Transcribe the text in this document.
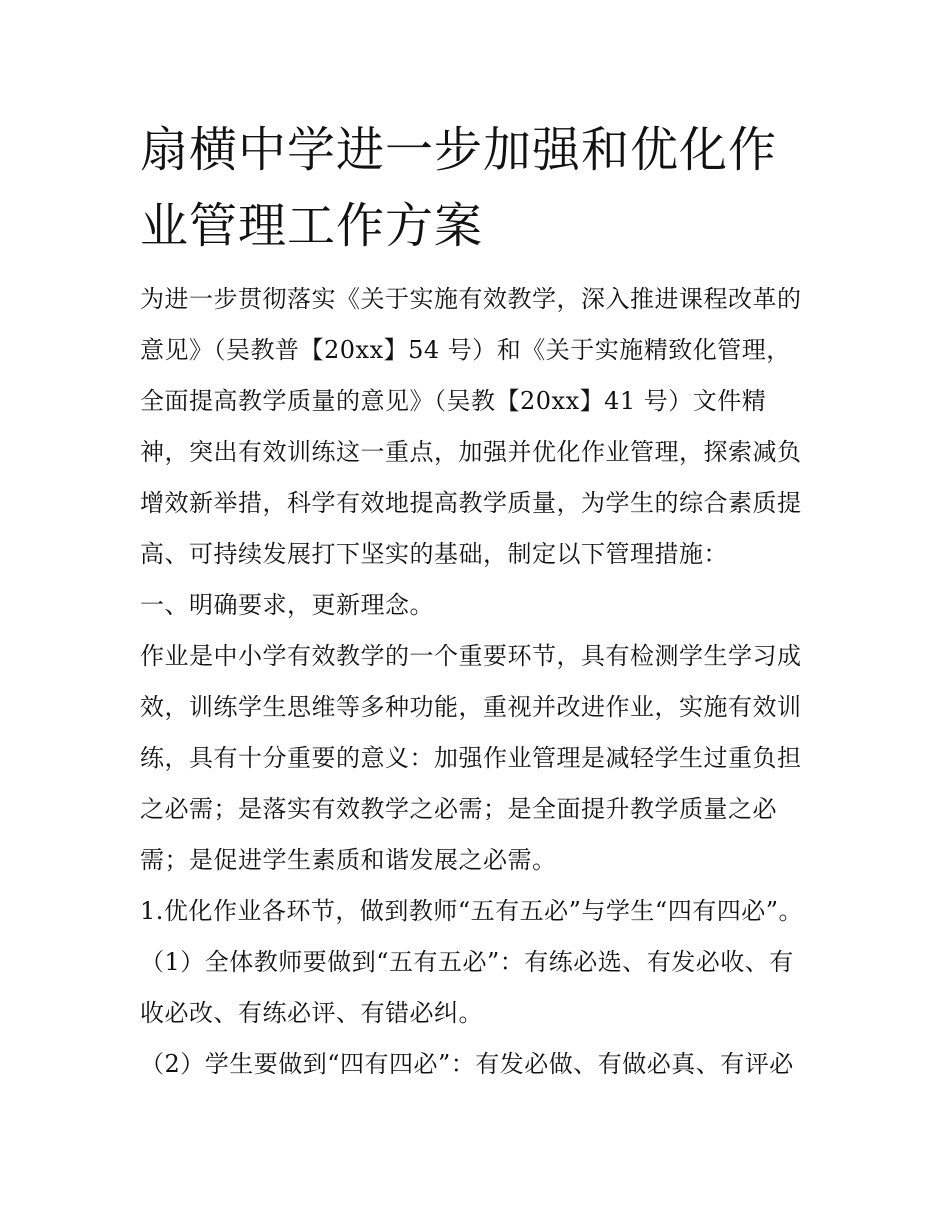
扇横中学进一步加强和优化作
业管理工作方案
为进一步贯彻落实《关于实施有效教学，深入推进课程改革的
意见》（吴教普【20xx】54 号）和《关于实施精致化管理，
全面提高教学质量的意见》（吴教【20xx】41 号）文件精
神，突出有效训练这一重点，加强并优化作业管理，探索减负
增效新举措，科学有效地提高教学质量，为学生的综合素质提
高、可持续发展打下坚实的基础，制定以下管理措施：
一、明确要求，更新理念。
作业是中小学有效教学的一个重要环节，具有检测学生学习成
效，训练学生思维等多种功能，重视并改进作业，实施有效训
练，具有十分重要的意义：加强作业管理是减轻学生过重负担
之必需；是落实有效教学之必需；是全面提升教学质量之必
需；是促进学生素质和谐发展之必需。
1.优化作业各环节，做到教师“五有五必”与学生“四有四必”。
（1）全体教师要做到“五有五必”：有练必选、有发必收、有
收必改、有练必评、有错必纠。
（2）学生要做到“四有四必”：有发必做、有做必真、有评必
